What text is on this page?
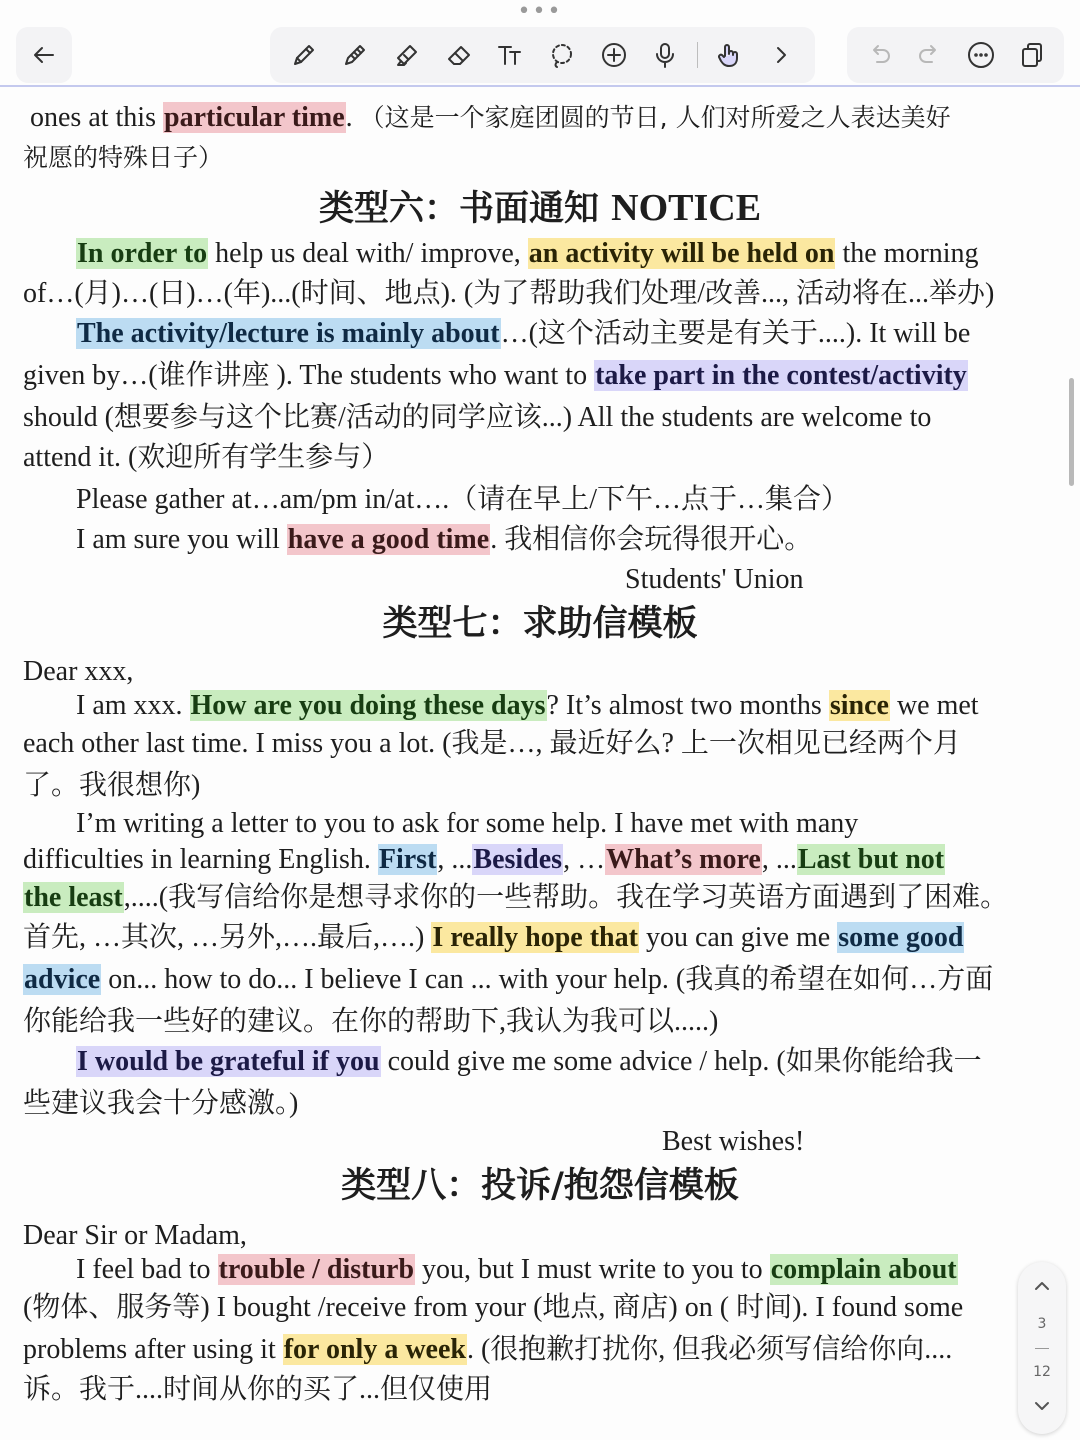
•••
ones at this particular time. （这是一个家庭团圆的节日, 人们对所爱之人表达美好
祝愿的特殊日子）
类型六：书面通知 NOTICE
In order to help us deal with/ improve, an activity will be held on the morning
of…(月)…(日)…(年)...(时间、地点). (为了帮助我们处理/改善..., 活动将在...举办)
The activity/lecture is mainly about…(这个活动主要是有关于....). It will be
given by…(谁作讲座 ). The students who want to take part in the contest/activity
should (想要参与这个比赛/活动的同学应该...) All the students are welcome to
attend it. (欢迎所有学生参与）
Please gather at…am/pm in/at….（请在早上/下午…点于…集合）
I am sure you will have a good time. 我相信你会玩得很开心。
Students' Union
类型七：求助信模板
Dear xxx,
I am xxx. How are you doing these days? It’s almost two months since we met
each other last time. I miss you a lot. (我是…, 最近好么? 上一次相见已经两个月
了。我很想你)
I’m writing a letter to you to ask for some help. I have met with many
difficulties in learning English. First, ...Besides, …What’s more, ...Last but not
the least,....(我写信给你是想寻求你的一些帮助。我在学习英语方面遇到了困难。
首先, …其次, …另外,….最后,….) I really hope that you can give me some good
advice on... how to do... I believe I can ... with your help. (我真的希望在如何…方面
你能给我一些好的建议。在你的帮助下,我认为我可以.....)
I would be grateful if you could give me some advice / help. (如果你能给我一
些建议我会十分感激。)
Best wishes!
类型八：投诉/抱怨信模板
Dear Sir or Madam,
I feel bad to trouble / disturb you, but I must write to you to complain about
(物体、服务等) I bought /receive from your (地点, 商店) on ( 时间). I found some
problems after using it for only a week. (很抱歉打扰你, 但我必须写信给你向....
诉。我于....时间从你的买了...但仅使用
3
12
